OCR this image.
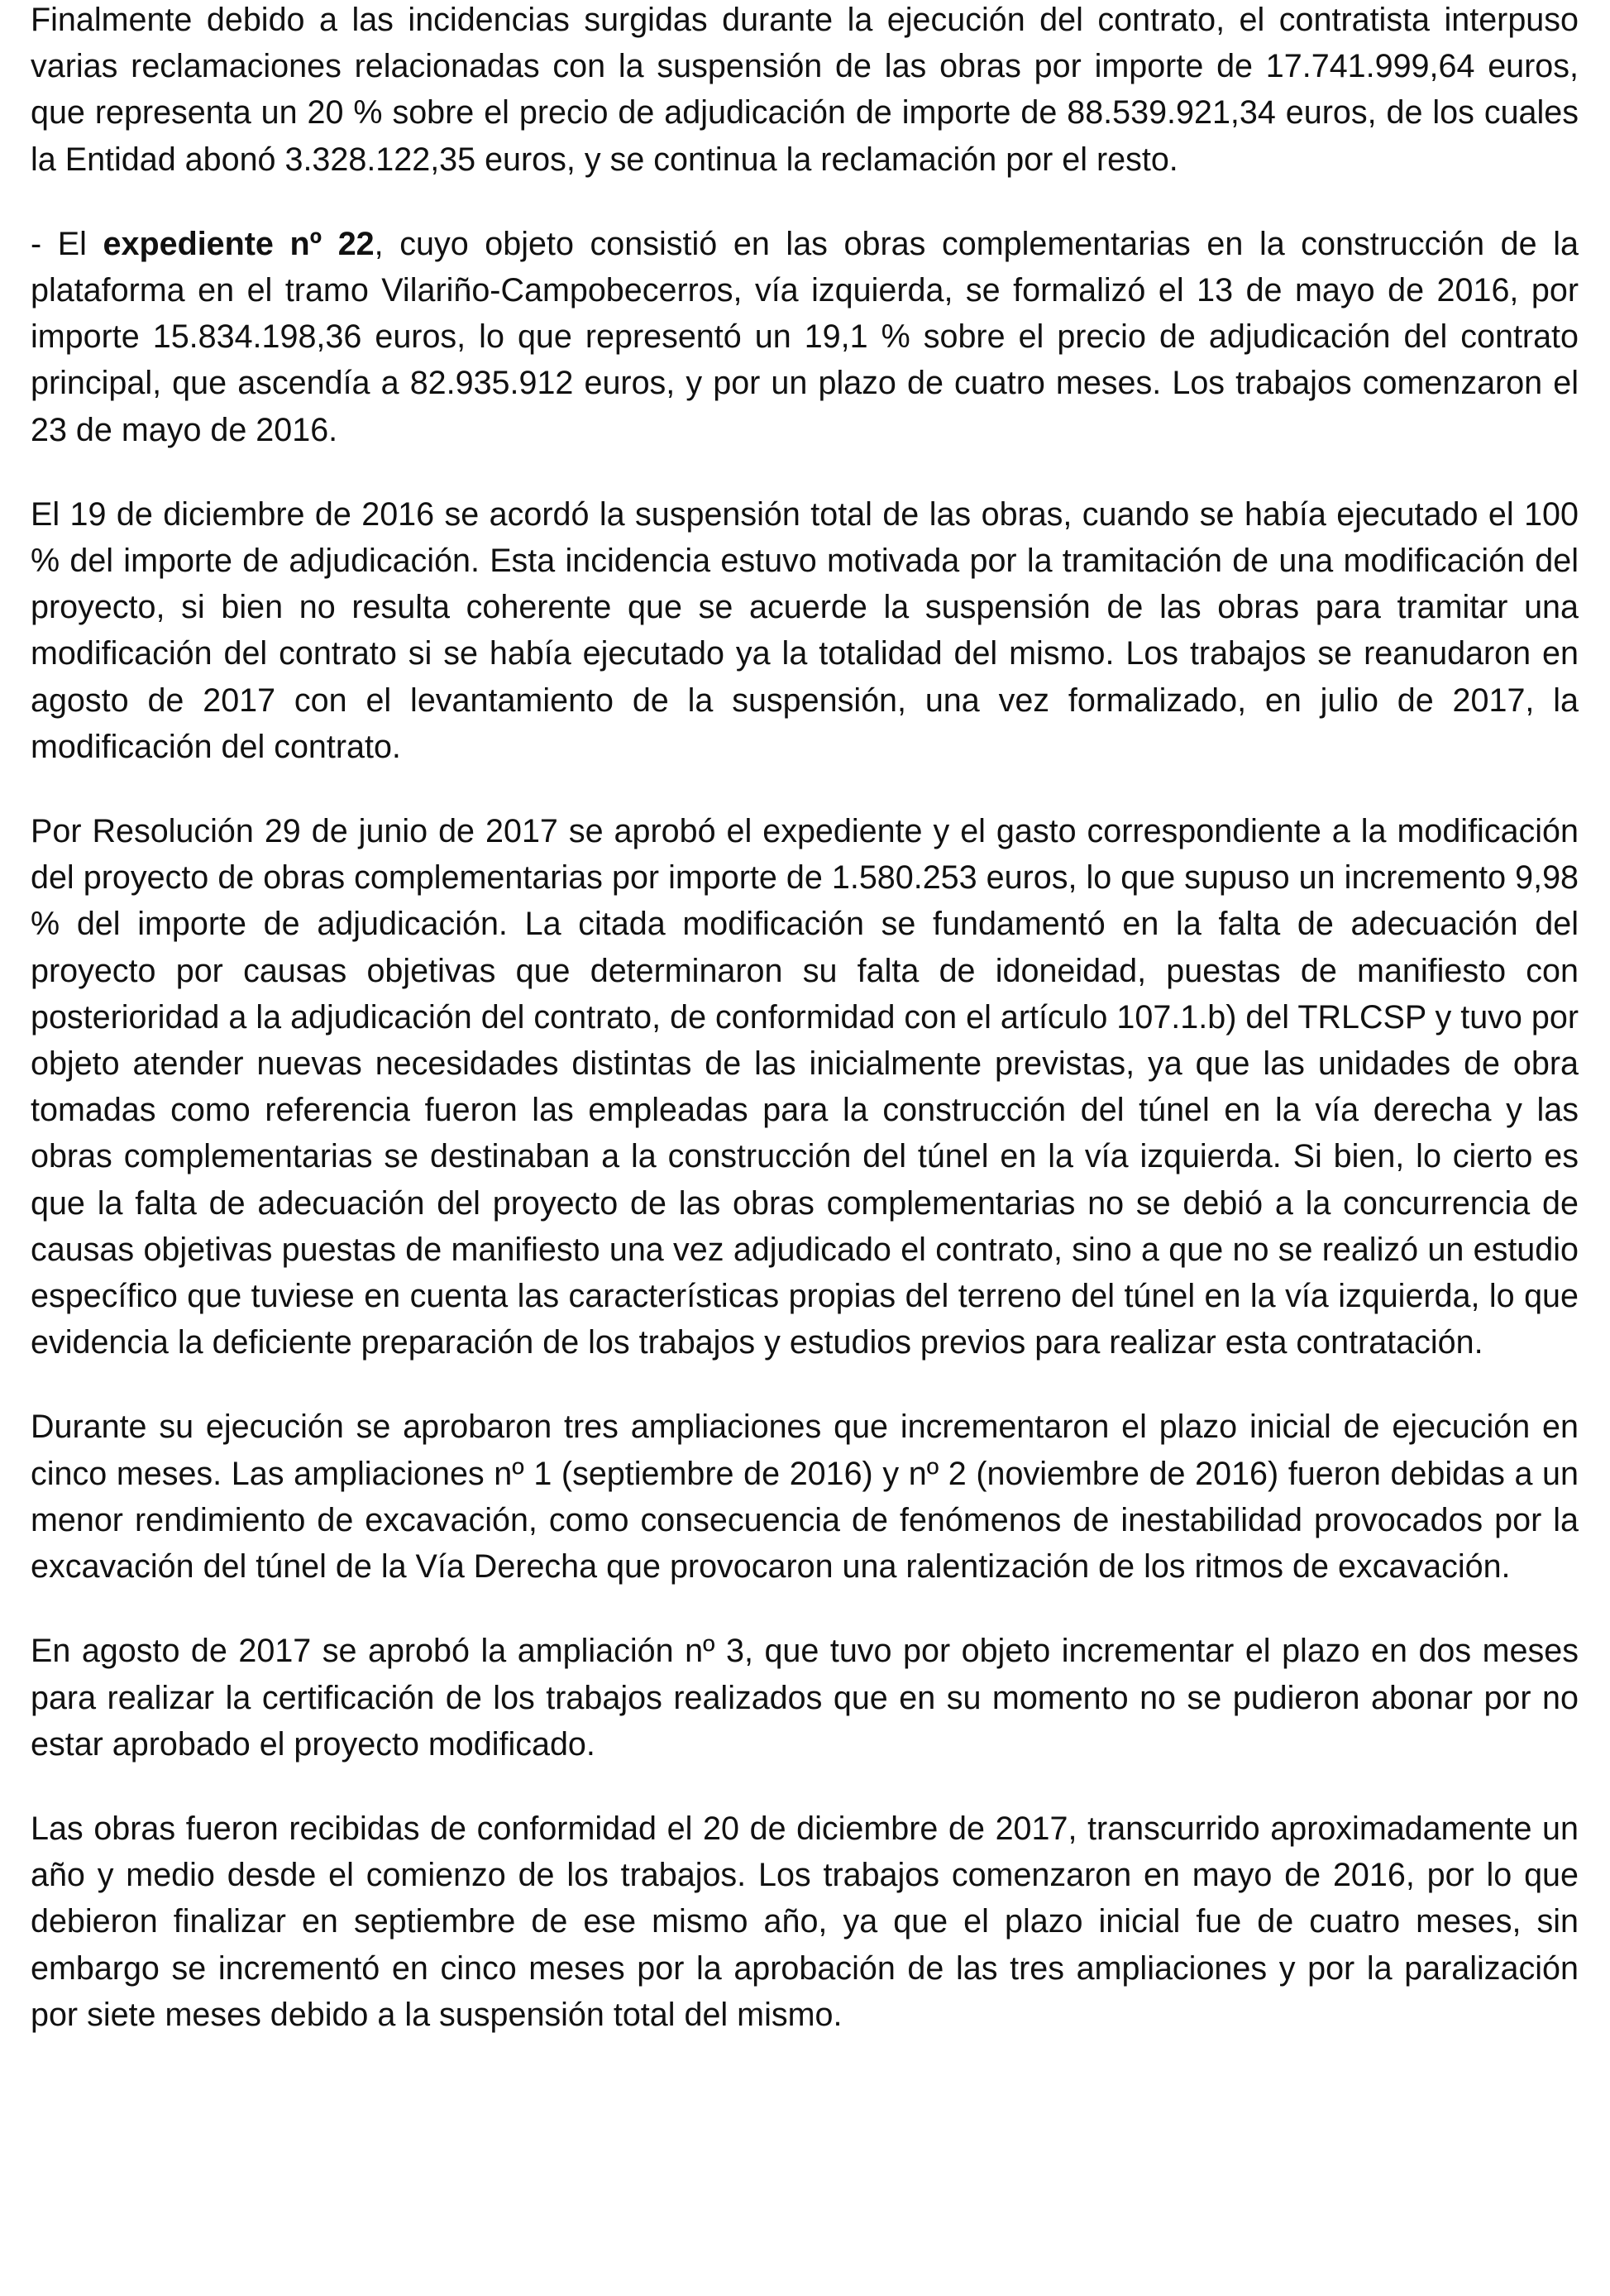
Finalmente debido a las incidencias surgidas durante la ejecución del contrato, el contratista interpuso varias reclamaciones relacionadas con la suspensión de las obras por importe de 17.741.999,64 euros, que representa un 20 % sobre el precio de adjudicación de importe de 88.539.921,34 euros, de los cuales la Entidad abonó 3.328.122,35 euros, y se continua la reclamación por el resto.

- El expediente nº 22, cuyo objeto consistió en las obras complementarias en la construcción de la plataforma en el tramo Vilariño-Campobecerros, vía izquierda, se formalizó el 13 de mayo de 2016, por importe 15.834.198,36 euros, lo que representó un 19,1 % sobre el precio de adjudicación del contrato principal, que ascendía a 82.935.912 euros, y por un plazo de cuatro meses. Los trabajos comenzaron el 23 de mayo de 2016.

El 19 de diciembre de 2016 se acordó la suspensión total de las obras, cuando se había ejecutado el 100 % del importe de adjudicación. Esta incidencia estuvo motivada por la tramitación de una modificación del proyecto, si bien no resulta coherente que se acuerde la suspensión de las obras para tramitar una modificación del contrato si se había ejecutado ya la totalidad del mismo. Los trabajos se reanudaron en agosto de 2017 con el levantamiento de la suspensión, una vez formalizado, en julio de 2017, la modificación del contrato.

Por Resolución 29 de junio de 2017 se aprobó el expediente y el gasto correspondiente a la modificación del proyecto de obras complementarias por importe de 1.580.253 euros, lo que supuso un incremento 9,98 % del importe de adjudicación. La citada modificación se fundamentó en la falta de adecuación del proyecto por causas objetivas que determinaron su falta de idoneidad, puestas de manifiesto con posterioridad a la adjudicación del contrato, de conformidad con el artículo 107.1.b) del TRLCSP y tuvo por objeto atender nuevas necesidades distintas de las inicialmente previstas, ya que las unidades de obra tomadas como referencia fueron las empleadas para la construcción del túnel en la vía derecha y las obras complementarias se destinaban a la construcción del túnel en la vía izquierda. Si bien, lo cierto es que la falta de adecuación del proyecto de las obras complementarias no se debió a la concurrencia de causas objetivas puestas de manifiesto una vez adjudicado el contrato, sino a que no se realizó un estudio específico que tuviese en cuenta las características propias del terreno del túnel en la vía izquierda, lo que evidencia la deficiente preparación de los trabajos y estudios previos para realizar esta contratación.

Durante su ejecución se aprobaron tres ampliaciones que incrementaron el plazo inicial de ejecución en cinco meses. Las ampliaciones nº 1 (septiembre de 2016) y nº 2 (noviembre de 2016) fueron debidas a un menor rendimiento de excavación, como consecuencia de fenómenos de inestabilidad provocados por la excavación del túnel de la Vía Derecha que provocaron una ralentización de los ritmos de excavación.

En agosto de 2017 se aprobó la ampliación nº 3, que tuvo por objeto incrementar el plazo en dos meses para realizar la certificación de los trabajos realizados que en su momento no se pudieron abonar por no estar aprobado el proyecto modificado.

Las obras fueron recibidas de conformidad el 20 de diciembre de 2017, transcurrido aproximadamente un año y medio desde el comienzo de los trabajos. Los trabajos comenzaron en mayo de 2016, por lo que debieron finalizar en septiembre de ese mismo año, ya que el plazo inicial fue de cuatro meses, sin embargo se incrementó en cinco meses por la aprobación de las tres ampliaciones y por la paralización por siete meses debido a la suspensión total del mismo.
